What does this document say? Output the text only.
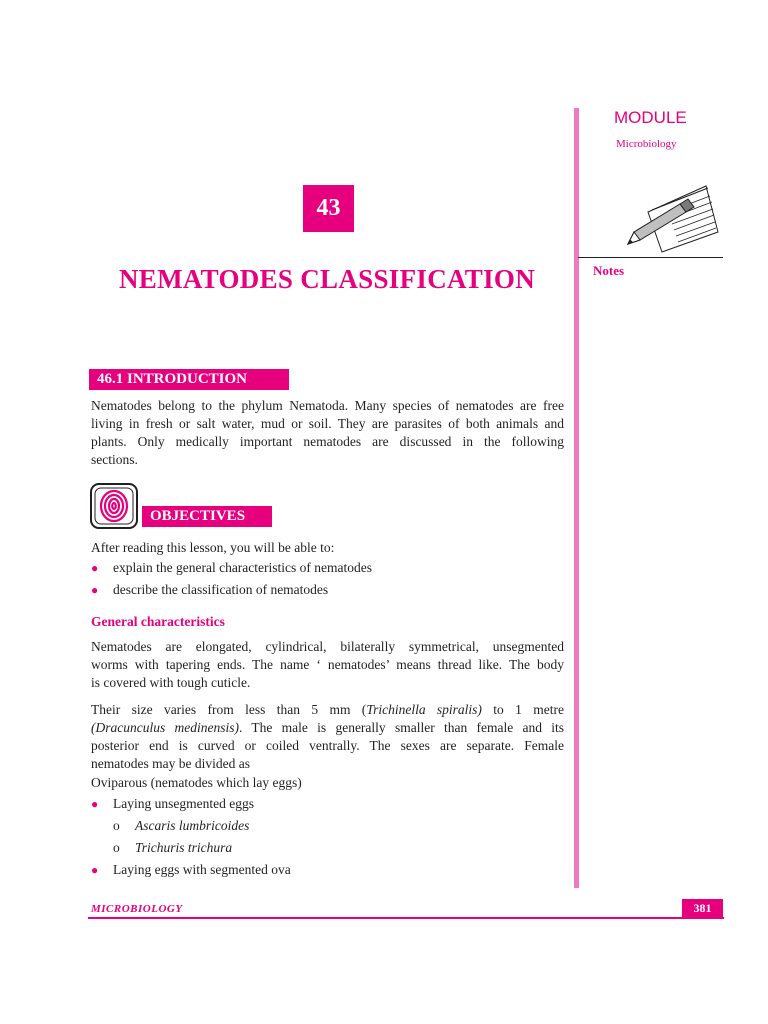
MODULE
Microbiology
Notes
43
NEMATODES CLASSIFICATION
46.1 INTRODUCTION
Nematodes belong to the phylum Nematoda. Many species of nematodes are free
living in fresh or salt water, mud or soil. They are parasites of both animals and
plants. Only medically important nematodes are discussed in the following
sections.
OBJECTIVES
After reading this lesson, you will be able to:
● explain the general characteristics of nematodes
● describe the classification of nematodes
General characteristics
Nematodes are elongated, cylindrical, bilaterally symmetrical, unsegmented
worms with tapering ends. The name ‘ nematodes’ means thread like. The body
is covered with tough cuticle.
Their size varies from less than 5 mm (Trichinella spiralis) to 1 metre
(Dracunculus medinensis). The male is generally smaller than female and its
posterior end is curved or coiled ventrally. The sexes are separate. Female
nematodes may be divided as
Oviparous (nematodes which lay eggs)
● Laying unsegmented eggs
o Ascaris lumbricoides
o Trichuris trichura
● Laying eggs with segmented ova
MICROBIOLOGY	381
